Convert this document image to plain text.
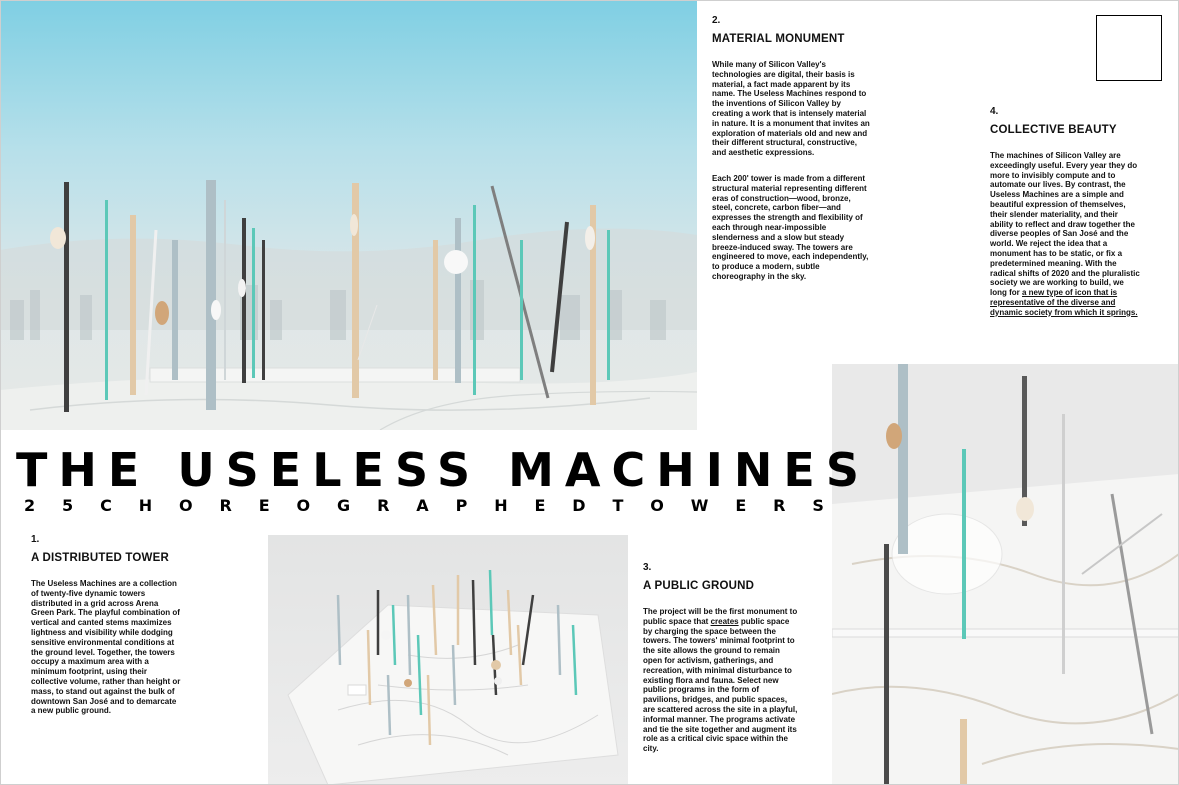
2.
MATERIAL MONUMENT

While many of Silicon Valley's technologies are digital, their basis is material, a fact made apparent by its name. The Useless Machines respond to the inventions of Silicon Valley by creating a work that is intensely material in nature. It is a monument that invites an exploration of materials old and new and their different structural, constructive, and aesthetic expressions.

Each 200' tower is made from a different structural material representing different eras of construction—wood, bronze, steel, concrete, carbon fiber—and expresses the strength and flexibility of each through near-impossible slenderness and a slow but steady breeze-induced sway. The towers are engineered to move, each independently, to produce a modern, subtle choreography in the sky.

4.
COLLECTIVE BEAUTY

The machines of Silicon Valley are exceedingly useful. Every year they do more to invisibly compute and to automate our lives. By contrast, the Useless Machines are a simple and beautiful expression of themselves, their slender materiality, and their ability to reflect and draw together the diverse peoples of San José and the world. We reject the idea that a monument has to be static, or fix a predetermined meaning. With the radical shifts of 2020 and the pluralistic society we are working to build, we long for a new type of icon that is representative of the diverse and dynamic society from which it springs.

1.
A DISTRIBUTED TOWER

The Useless Machines are a collection of twenty-five dynamic towers distributed in a grid across Arena Green Park. The playful combination of vertical and canted stems maximizes lightness and visibility while dodging sensitive environmental conditions at the ground level. Together, the towers occupy a maximum area with a minimum footprint, using their collective volume, rather than height or mass, to stand out against the bulk of downtown San José and to demarcate a new public ground.

3.
A PUBLIC GROUND

The project will be the first monument to public space that creates public space by charging the space between the towers. The towers' minimal footprint to the site allows the ground to remain open for activism, gatherings, and recreation, with minimal disturbance to existing flora and fauna. Select new public programs in the form of pavilions, bridges, and public spaces, are scattered across the site in a playful, informal manner. The programs activate and tie the site together and augment its role as a critical civic space within the city.

THE USELESS MACHINES
2 5 C H O R E O G R A P H E D T O W E R S
